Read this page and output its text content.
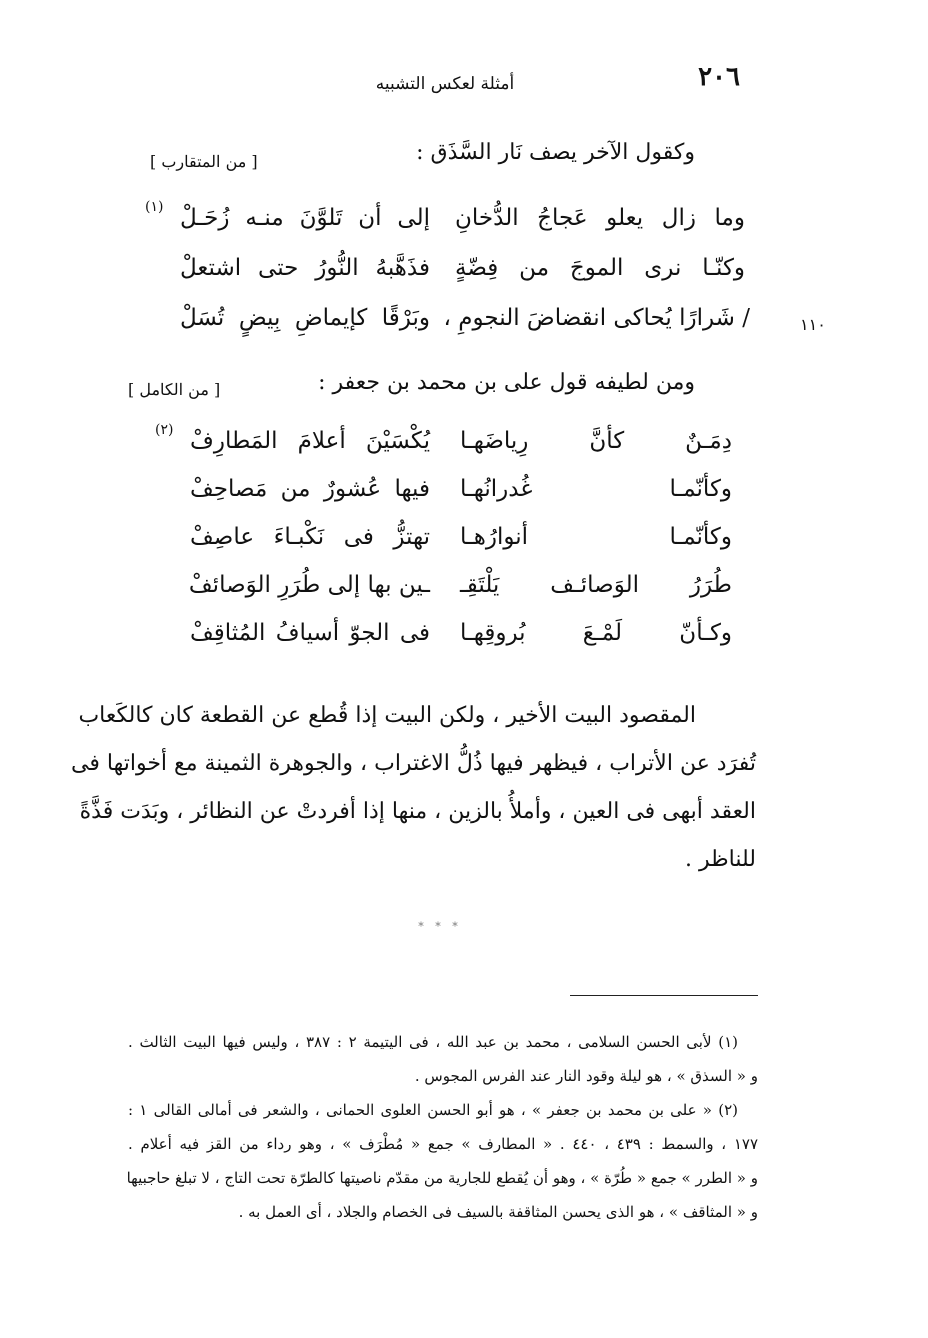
٢٠٦
أمثلة لعكس التشبيه
وكقول الآخر يصف نَار السَّذَق :
[ من المتقارب ]
وما زال يعلو عَجاجُ الدُّخانِ
إلى أن تَلوَّنَ منـه زُحَـلْ
(١)
وكنّـا نرى الموجَ من فِضّةٍ
فذَهَّبهُ النُّورُ حتى اشتعلْ
/ شَرارًا يُحاكى انقضاضَ النجومِ ،
وبَرْقًا كإيماضِ بِيضٍ تُسَلْ	١١٠
ومن لطيفه قول على بن محمد بن جعفر :
[ من الكامل ]
دِمَـنٌ كأنَّ رِياضَهـا
يُكْسَيْنَ أعلامَ المَطارِفْ
(٢)
وكأنّمـا غُدرانُهـا
فيها عُشورٌ من مَصاحِفْ
وكأنّمـا أنوارُهـا
تهتزُّ فى نَكْبـاءَ عاصِفْ
طُرَرُ الوَصائـف يَلْتَقِـ
ـين بها إلى طُرَرِ الوَصائفْ
وكـأنّ لَمْـعَ بُروقِهـا
فى الجوّ أسيافُ المُثاقِفْ
المقصود البيت الأخير ، ولكن البيت إذا قُطع عن القطعة كان كالكَعاب
تُفرَد عن الأتراب ، فيظهر فيها ذُلُّ الاغتراب ، والجوهرة الثمينة مع أخواتها فى
العقد أبهى فى العين ، وأملأُ بالزين ، منها إذا أفردتْ عن النظائر ، وبَدَت فَذَّةً
للناظر .
* * *
(١) لأبى الحسن السلامى ، محمد بن عبد الله ، فى اليتيمة ٢ : ٣٨٧ ، وليس فيها البيت الثالث .
و « السذق » ، هو ليلة وقود النار عند الفرس المجوس .
(٢) « على بن محمد بن جعفر » ، هو أبو الحسن العلوى الحمانى ، والشعر فى أمالى القالى ١ :
١٧٧ ، والسمط : ٤٣٩ ، ٤٤٠ . « المطارف » جمع « مُطْرَف » ، وهو رداء من القز فيه أعلام .
و « الطرر » جمع « طُرّة » ، وهو أن يُقطع للجارية من مقدّم ناصيتها كالطرّة تحت التاج ، لا تبلغ حاجبيها
و « المثاقف » ، هو الذى يحسن المثاقفة بالسيف فى الخصام والجلاد ، أى العمل به .
